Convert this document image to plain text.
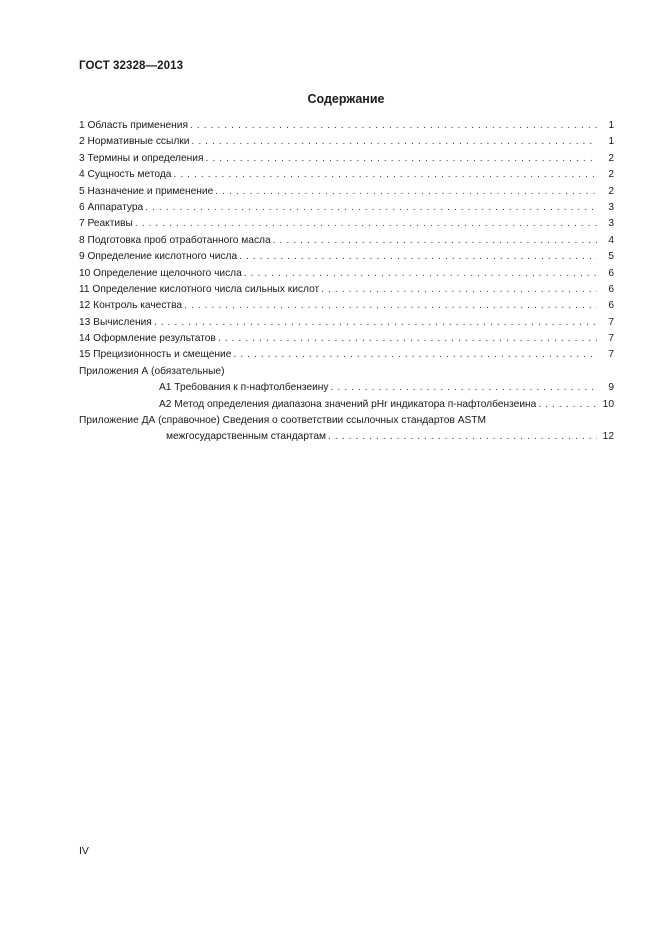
ГОСТ 32328—2013
Содержание
1 Область применения . . .	1
2 Нормативные ссылки . . .	1
3 Термины и определения . . .	2
4 Сущность метода . . .	2
5 Назначение и применение . . .	2
6 Аппаратура . . .	3
7 Реактивы . . .	3
8 Подготовка проб отработанного масла . . .	4
9 Определение кислотного числа . . .	5
10 Определение щелочного числа . . .	6
11 Определение кислотного числа сильных кислот . . .	6
12 Контроль качества . . .	6
13 Вычисления . . .	7
14 Оформление результатов . . .	7
15 Прецизионность и смещение . . .	7
Приложения А (обязательные)
А1 Требования к п-нафтолбензеину . . .	9
А2 Метод определения диапазона значений pHr индикатора п-нафтолбензеина . . .	10
Приложение ДА (справочное) Сведения о соответствии ссылочных стандартов ASTM
межгосударственным стандартам . . .	12
IV
